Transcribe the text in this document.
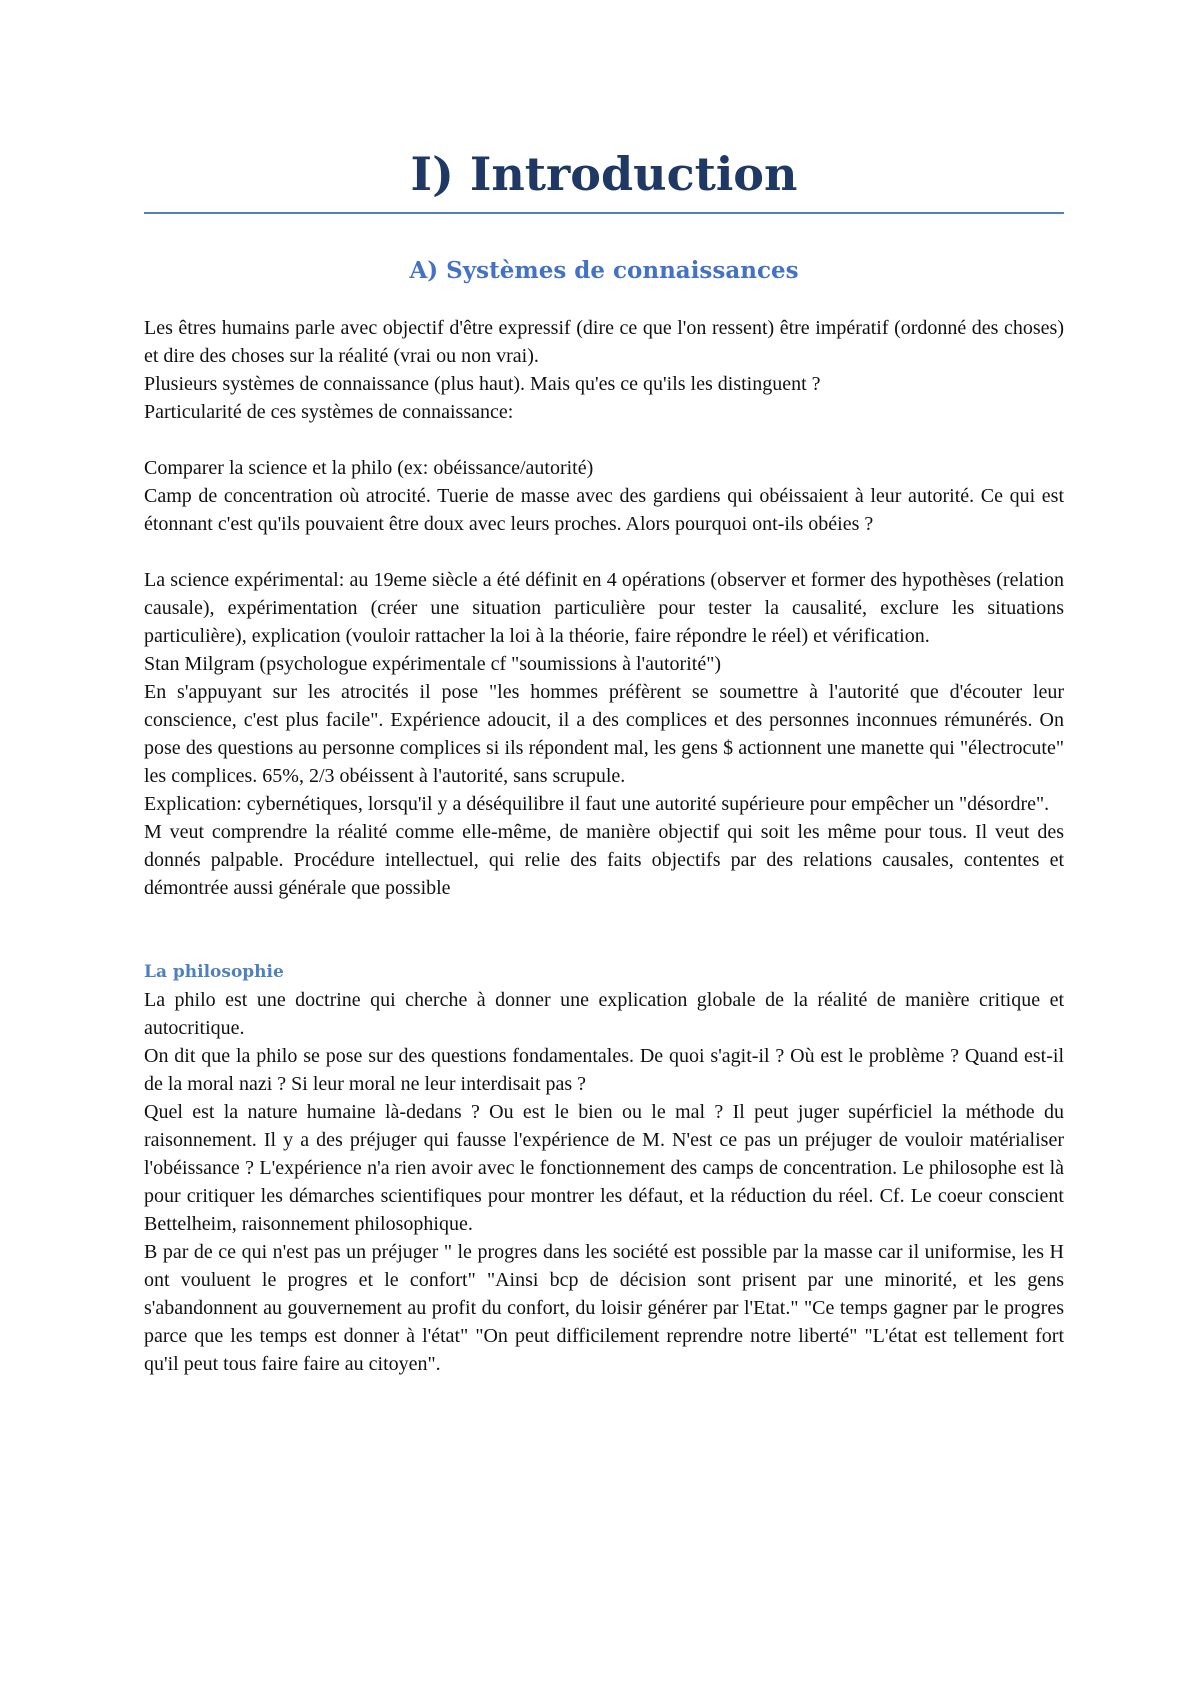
I) Introduction
A) Systèmes de connaissances

Les êtres humains parle avec objectif d'être expressif (dire ce que l'on ressent) être impératif (ordonné des choses) et dire des choses sur la réalité (vrai ou non vrai).

Plusieurs systèmes de connaissance (plus haut). Mais qu'es ce qu'ils les distinguent ?

Particularité de ces systèmes de connaissance:

Comparer la science et la philo (ex: obéissance/autorité)

Camp de concentration où atrocité. Tuerie de masse avec des gardiens qui obéissaient à leur autorité. Ce qui est étonnant c'est qu'ils pouvaient être doux avec leurs proches. Alors pourquoi ont-ils obéies ?

La science expérimental: au 19eme siècle a été définit en 4 opérations (observer et former des hypothèses (relation causale), expérimentation (créer une situation particulière pour tester la causalité, exclure les situations particulière), explication (vouloir rattacher la loi à la théorie, faire répondre le réel) et vérification.

Stan Milgram (psychologue expérimentale cf "soumissions à l'autorité")

En s'appuyant sur les atrocités il pose "les hommes préfèrent se soumettre à l'autorité que d'écouter leur conscience, c'est plus facile". Expérience adoucit, il a des complices et des personnes inconnues rémunérés. On pose des questions au personne complices si ils répondent mal, les gens $ actionnent une manette qui "électrocute" les complices. 65%, 2/3 obéissent à l'autorité, sans scrupule.

Explication: cybernétiques, lorsqu'il y a déséquilibre il faut une autorité supérieure pour empêcher un "désordre".

M veut comprendre la réalité comme elle-même, de manière objectif qui soit les même pour tous. Il veut des donnés palpable. Procédure intellectuel, qui relie des faits objectifs par des relations causales, contentes et démontrée aussi générale que possible

La philosophie

La philo est une doctrine qui cherche à donner une explication globale de la réalité de manière critique et autocritique.

On dit que la philo se pose sur des questions fondamentales. De quoi s'agit-il ? Où est le problème ? Quand est-il de la moral nazi ? Si leur moral ne leur interdisait pas ?

Quel est la nature humaine là-dedans ? Ou est le bien ou le mal ? Il peut juger supérficiel la méthode du raisonnement. Il y a des préjuger qui fausse l'expérience de M. N'est ce pas un préjuger de vouloir matérialiser l'obéissance ? L'expérience n'a rien avoir avec le fonctionnement des camps de concentration. Le philosophe est là pour critiquer les démarches scientifiques pour montrer les défaut, et la réduction du réel. Cf. Le coeur conscient Bettelheim, raisonnement philosophique.

B par de ce qui n'est pas un préjuger " le progres dans les société est possible par la masse car il uniformise, les H ont vouluent le progres et le confort" "Ainsi bcp de décision sont prisent par une minorité, et les gens s'abandonnent au gouvernement au profit du confort, du loisir générer par l'Etat." "Ce temps gagner par le progres parce que les temps est donner à l'état" "On peut difficilement reprendre notre liberté" "L'état est tellement fort qu'il peut tous faire faire au citoyen".
